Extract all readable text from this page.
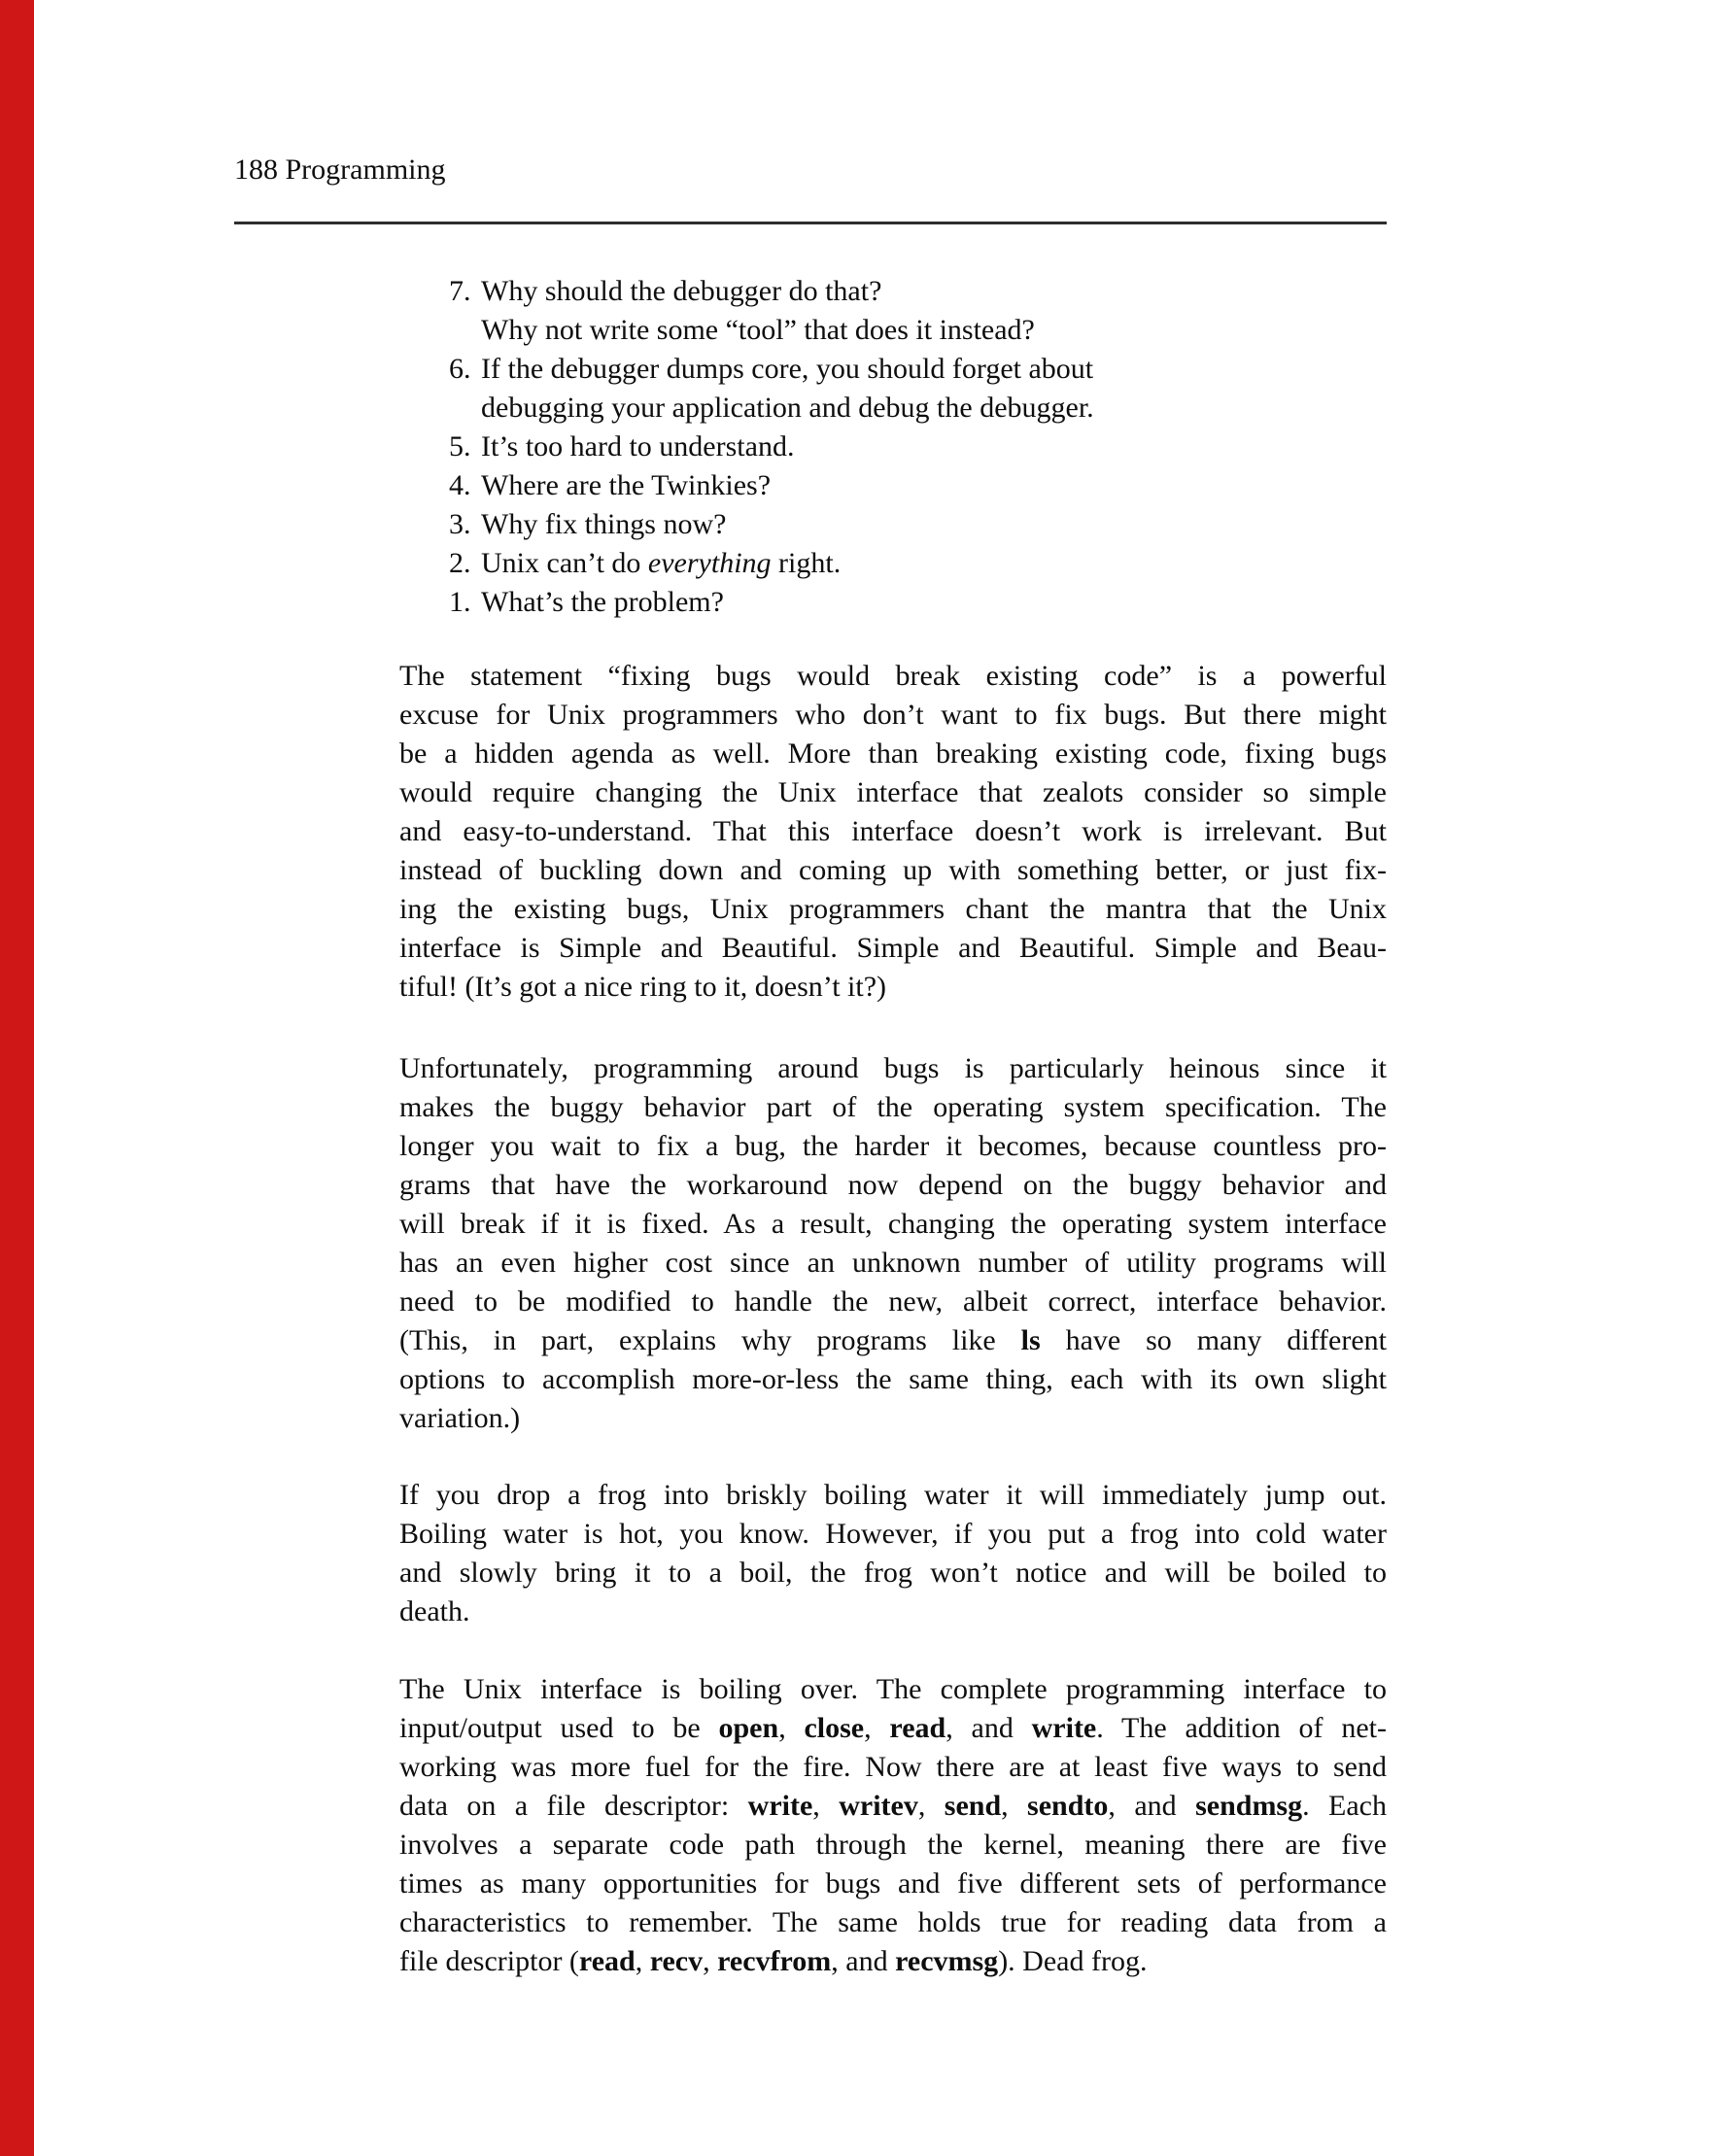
188 Programming
7. Why should the debugger do that?
Why not write some “tool” that does it instead?
6. If the debugger dumps core, you should forget about
debugging your application and debug the debugger.
5. It’s too hard to understand.
4. Where are the Twinkies?
3. Why fix things now?
2. Unix can’t do everything right.
1. What’s the problem?
The statement “fixing bugs would break existing code” is a powerful
excuse for Unix programmers who don’t want to fix bugs. But there might
be a hidden agenda as well. More than breaking existing code, fixing bugs
would require changing the Unix interface that zealots consider so simple
and easy-to-understand. That this interface doesn’t work is irrelevant. But
instead of buckling down and coming up with something better, or just fix-
ing the existing bugs, Unix programmers chant the mantra that the Unix
interface is Simple and Beautiful. Simple and Beautiful. Simple and Beau-
tiful! (It’s got a nice ring to it, doesn’t it?)
Unfortunately, programming around bugs is particularly heinous since it
makes the buggy behavior part of the operating system specification. The
longer you wait to fix a bug, the harder it becomes, because countless pro-
grams that have the workaround now depend on the buggy behavior and
will break if it is fixed. As a result, changing the operating system interface
has an even higher cost since an unknown number of utility programs will
need to be modified to handle the new, albeit correct, interface behavior.
(This, in part, explains why programs like ls have so many different
options to accomplish more-or-less the same thing, each with its own slight
variation.)
If you drop a frog into briskly boiling water it will immediately jump out.
Boiling water is hot, you know. However, if you put a frog into cold water
and slowly bring it to a boil, the frog won’t notice and will be boiled to
death.
The Unix interface is boiling over. The complete programming interface to
input/output used to be open, close, read, and write. The addition of net-
working was more fuel for the fire. Now there are at least five ways to send
data on a file descriptor: write, writev, send, sendto, and sendmsg. Each
involves a separate code path through the kernel, meaning there are five
times as many opportunities for bugs and five different sets of performance
characteristics to remember. The same holds true for reading data from a
file descriptor (read, recv, recvfrom, and recvmsg). Dead frog.
